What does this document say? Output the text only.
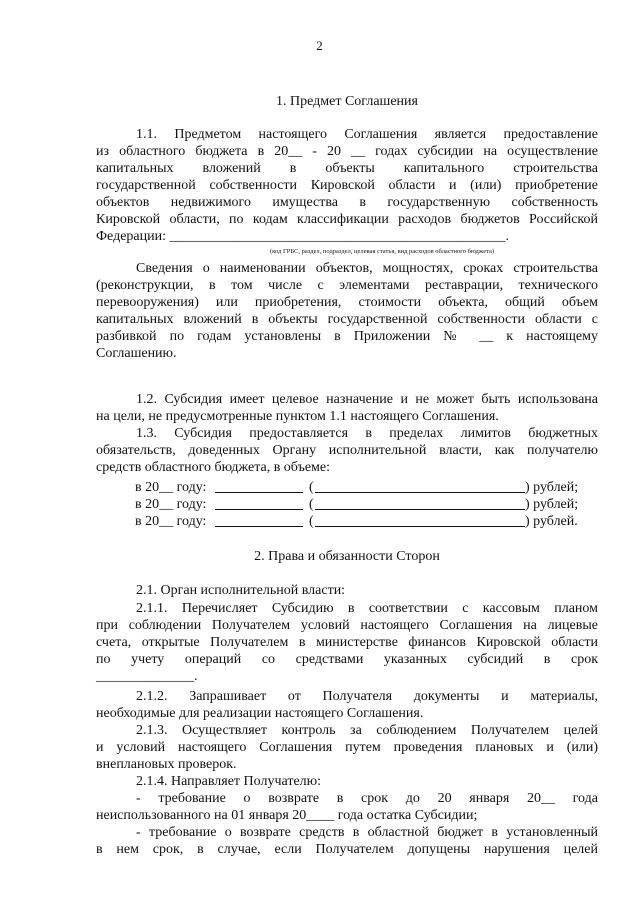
2
1. Предмет Соглашения
1.1. Предметом настоящего Соглашения является предоставление
из областного бюджета в 20__ - 20 __ годах субсидии на осуществление
капитальных вложений в объекты капитального строительства
государственной собственности Кировской области и (или) приобретение
объектов недвижимого имущества в государственную собственность
Кировской области, по кодам классификации расходов бюджетов Российской
Федерации: ________________________________________________.
(код ГРБС, раздел, подраздел, целевая статья, вид расходов областного бюджета)
Сведения о наименовании объектов, мощностях, сроках строительства
(реконструкции, в том числе с элементами реставрации, технического
перевооружения) или приобретения, стоимости объекта, общий объем
капитальных вложений в объекты государственной собственности области с
разбивкой по годам установлены в Приложении № __ к настоящему
Соглашению.
1.2. Субсидия имеет целевое назначение и не может быть использована
на цели, не предусмотренные пунктом 1.1 настоящего Соглашения.
1.3. Субсидия предоставляется в пределах лимитов бюджетных
обязательств, доведенных Органу исполнительной власти, как получателю
средств областного бюджета, в объеме:
в 20__ году:	(	) рублей;
в 20__ году:	(	) рублей;
в 20__ году:	(	) рублей.
2. Права и обязанности Сторон
2.1. Орган исполнительной власти:
2.1.1. Перечисляет Субсидию в соответствии с кассовым планом
при соблюдении Получателем условий настоящего Соглашения на лицевые
счета, открытые Получателем в министерстве финансов Кировской области
по учету операций со средствами указанных субсидий в срок
______________.
2.1.2. Запрашивает от Получателя документы и материалы,
необходимые для реализации настоящего Соглашения.
2.1.3. Осуществляет контроль за соблюдением Получателем целей
и условий настоящего Соглашения путем проведения плановых и (или)
внеплановых проверок.
2.1.4. Направляет Получателю:
- требование о возврате в срок до 20 января 20__ года
неиспользованного на 01 января 20____ года остатка Субсидии;
- требование о возврате средств в областной бюджет в установленный
в нем срок, в случае, если Получателем допущены нарушения целей
